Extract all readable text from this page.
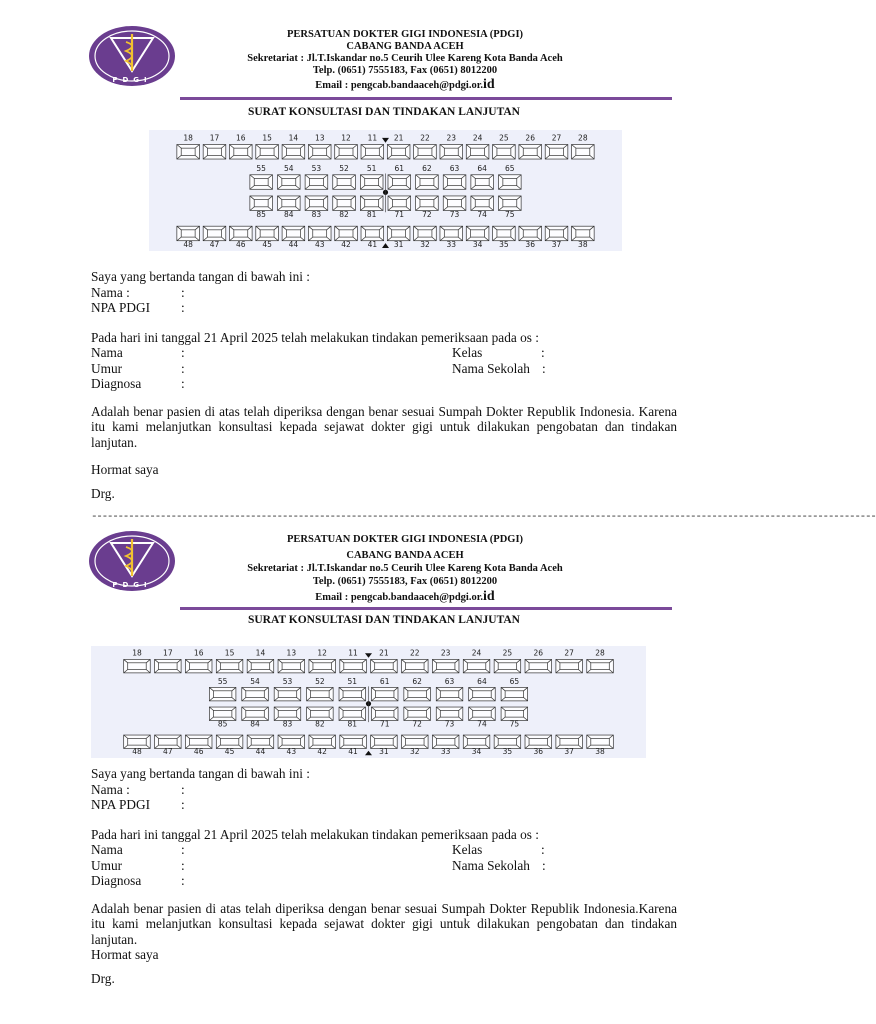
PDGI
PERSATUAN DOKTER GIGI INDONESIA (PDGI)
CABANG BANDA ACEH
Sekretariat : Jl.T.Iskandar no.5 Ceurih Ulee Kareng Kota Banda Aceh
Telp. (0651) 7555183, Fax (0651) 8012200
Email : pengcab.bandaaceh@pdgi.or.id
SURAT KONSULTASI DAN TINDAKAN LANJUTAN
18 17 16 15 14 13 12 11 21 22 23 24 25 26 27 28
55 54 53 52 51 61 62 63 64 65
85 84 83 82 81 71 72 73 74 75
48 47 46 45 44 43 42 41 31 32 33 34 35 36 37 38
Saya yang bertanda tangan di bawah ini :
Nama :	:
NPA PDGI :
Pada hari ini tanggal 21 April 2025 telah melakukan tindakan pemeriksaan pada os :
Nama	:	Kelas	:
Umur	:	Nama Sekolah :
Diagnosa	:
Adalah benar pasien di atas telah diperiksa dengan benar sesuai Sumpah Dokter Republik Indonesia. Karena itu kami melanjutkan konsultasi kepada sejawat dokter gigi untuk dilakukan pengobatan dan tindakan lanjutan.
Hormat saya
Drg.
----------------------------------------------------------------------------------------------------------------------------------------------------
PDGI
PERSATUAN DOKTER GIGI INDONESIA (PDGI)
CABANG BANDA ACEH
Sekretariat : Jl.T.Iskandar no.5 Ceurih Ulee Kareng Kota Banda Aceh
Telp. (0651) 7555183, Fax (0651) 8012200
Email : pengcab.bandaaceh@pdgi.or.id
SURAT KONSULTASI DAN TINDAKAN LANJUTAN
18	17	16	15	14	13	12	11	21	22	23	24	25	26	27	28
55	54	53	52	51	61	62	63	64	65
85	84	83	82	81	71	72	73	74	75
48	47	46	45	44	43	42	41	31	32	33	34	35	36	37	38
Saya yang bertanda tangan di bawah ini :
Nama :	:
NPA PDGI :
Pada hari ini tanggal 21 April 2025 telah melakukan tindakan pemeriksaan pada os :
Nama	:	Kelas	:
Umur	:	Nama Sekolah :
Diagnosa	:
Adalah benar pasien di atas telah diperiksa dengan benar sesuai Sumpah Dokter Republik Indonesia.Karena itu kami melanjutkan konsultasi kepada sejawat dokter gigi untuk dilakukan pengobatan dan tindakan lanjutan.
Hormat saya
Drg.
